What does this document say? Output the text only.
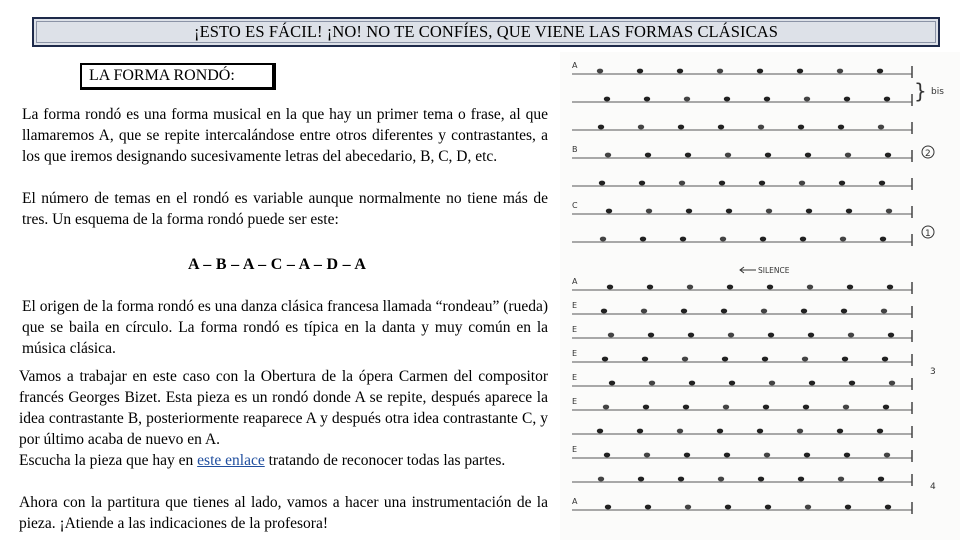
¡ESTO ES FÁCIL! ¡NO! NO TE CONFÍES, QUE VIENE LAS FORMAS CLÁSICAS
LA FORMA RONDÓ:

La forma rondó es una forma musical en la que hay un primer tema o frase, al que llamaremos A, que se repite intercalándose entre otros diferentes y contrastantes, a los que iremos designando sucesivamente letras del abecedario, B, C, D, etc.

El número de temas en el rondó es variable aunque normalmente no tiene más de tres. Un esquema de la forma rondó puede ser este:

A – B – A – C – A – D – A

El origen de la forma rondó es una danza clásica francesa llamada “rondeau” (rueda) que se baila en círculo. La forma rondó es típica en la danta y muy común en la música clásica.

Vamos a trabajar en este caso con la Obertura de la ópera Carmen del compositor francés Georges Bizet. Esta pieza es un rondó donde A se repite, después aparece la idea contrastante B, posteriormente reaparece A y después otra idea contrastante C, y por último acaba de nuevo en A.

Escucha la pieza que hay en este enlace tratando de reconocer todas las partes.

Ahora con la partitura que tienes al lado, vamos a hacer una instrumentación de la pieza. ¡Atiende a las indicaciones de la profesora!

A
B
C
A
E
E
E
E
E
E
A
} bis
2
1
3
4
SILENCE
